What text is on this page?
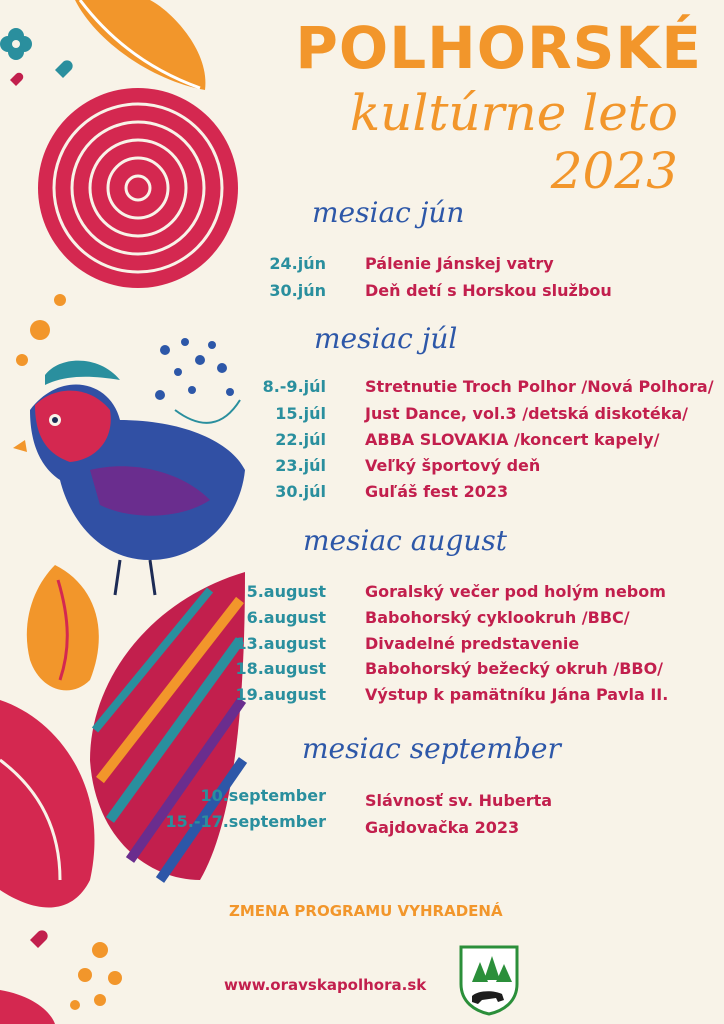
POLHORSKÉ
kultúrne leto 2023
mesiac jún
24.jún Pálenie Jánskej vatry
30.jún Deň detí s Horskou službou
mesiac júl
8.-9.júl Stretnutie Troch Polhor /Nová Polhora/
15.júl Just Dance, vol.3 /detská diskotéka/
22.júl ABBA SLOVAKIA /koncert kapely/
23.júl Veľký športový deň
30.júl Guľáš fest 2023
mesiac august
5.august Goralský večer pod holým nebom
6.august Babohorský cyklookruh /BBC/
13.august Divadelné predstavenie
18.august Babohorský bežecký okruh /BBO/
19.august Výstup k pamätníku Jána Pavla II.
mesiac september
10.september Slávnosť sv. Huberta
15.-17.september Gajdovačka 2023
ZMENA PROGRAMU VYHRADENÁ
www.oravskapolhora.sk
